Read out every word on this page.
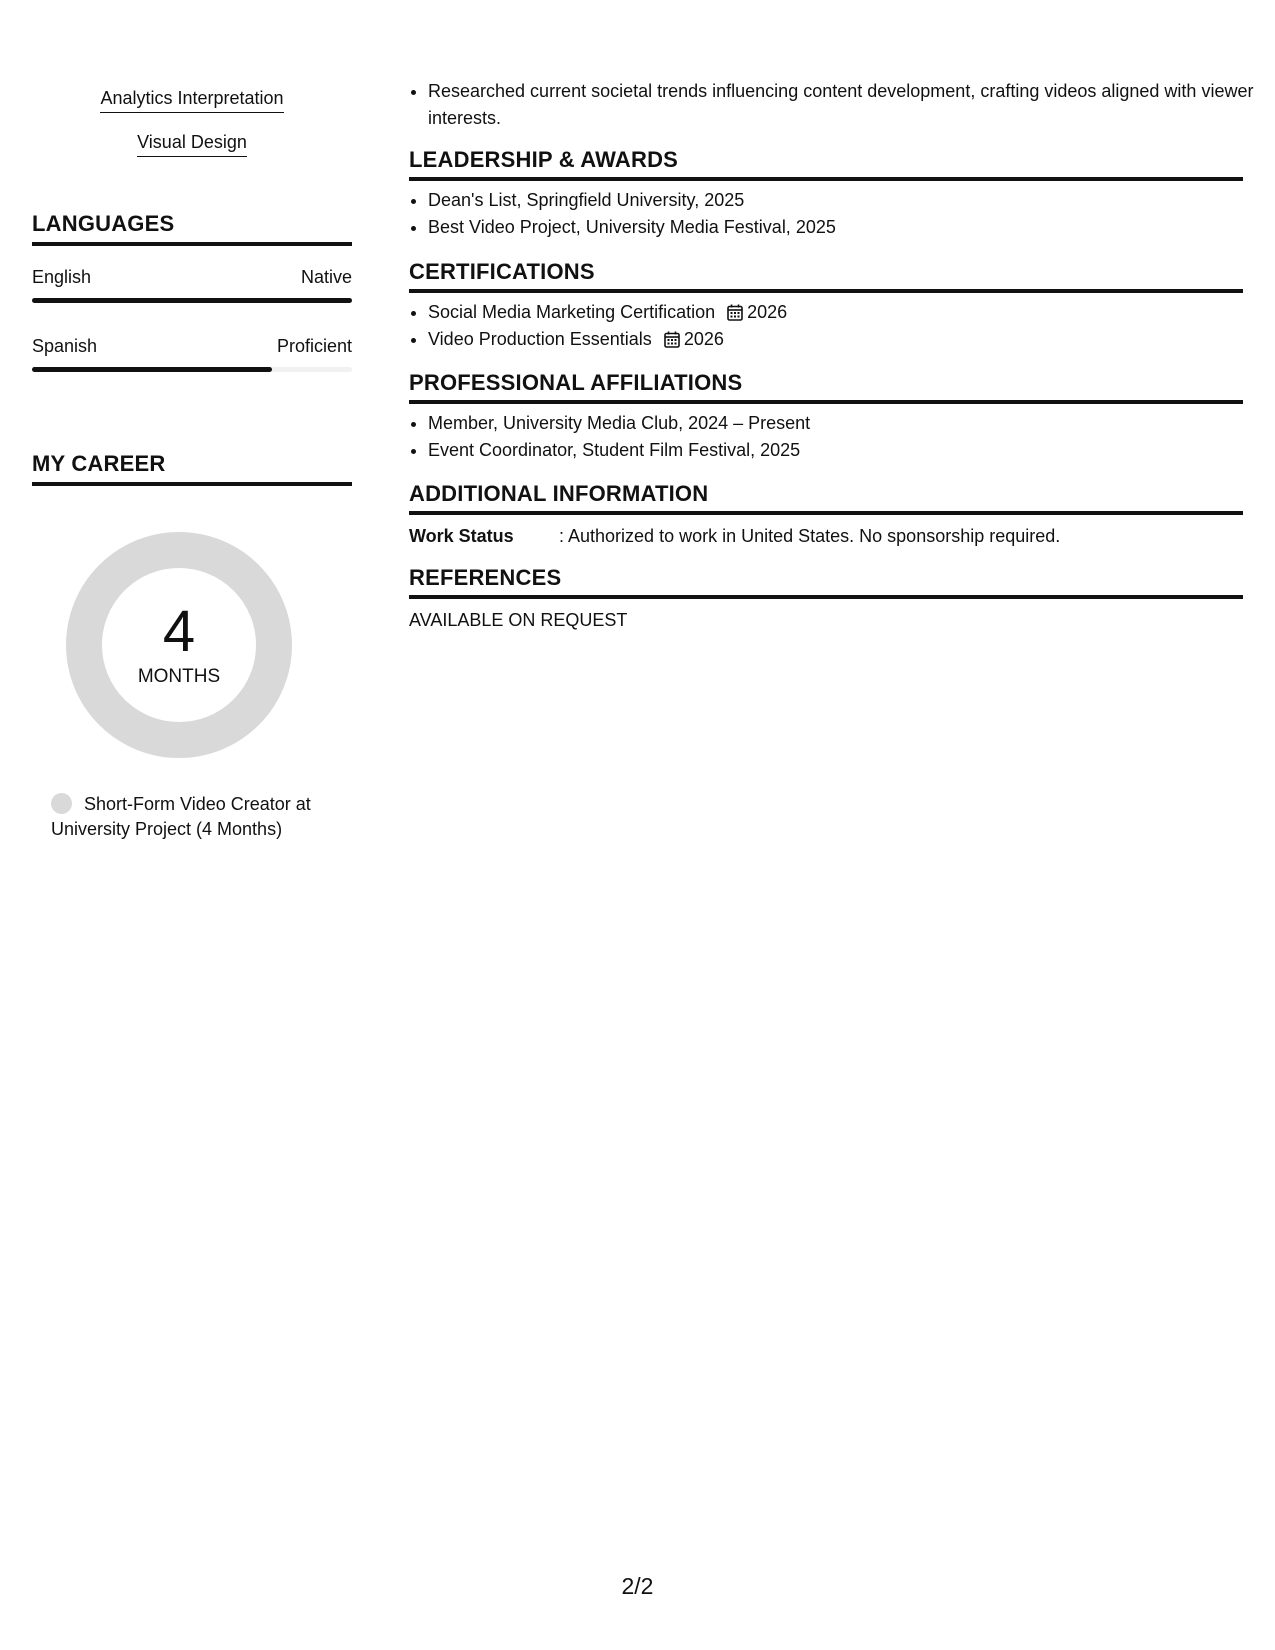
Analytics Interpretation
Visual Design
LANGUAGES
English	Native
Spanish	Proficient
MY CAREER
4
MONTHS
Short-Form Video Creator at University Project (4 Months)
• Researched current societal trends influencing content development, crafting videos aligned with viewer interests.
LEADERSHIP & AWARDS
• Dean's List, Springfield University, 2025
• Best Video Project, University Media Festival, 2025
CERTIFICATIONS
• Social Media Marketing Certification 2026
• Video Production Essentials 2026
PROFESSIONAL AFFILIATIONS
• Member, University Media Club, 2024 – Present
• Event Coordinator, Student Film Festival, 2025
ADDITIONAL INFORMATION
Work Status	: Authorized to work in United States. No sponsorship required.
REFERENCES
AVAILABLE ON REQUEST
2/2
